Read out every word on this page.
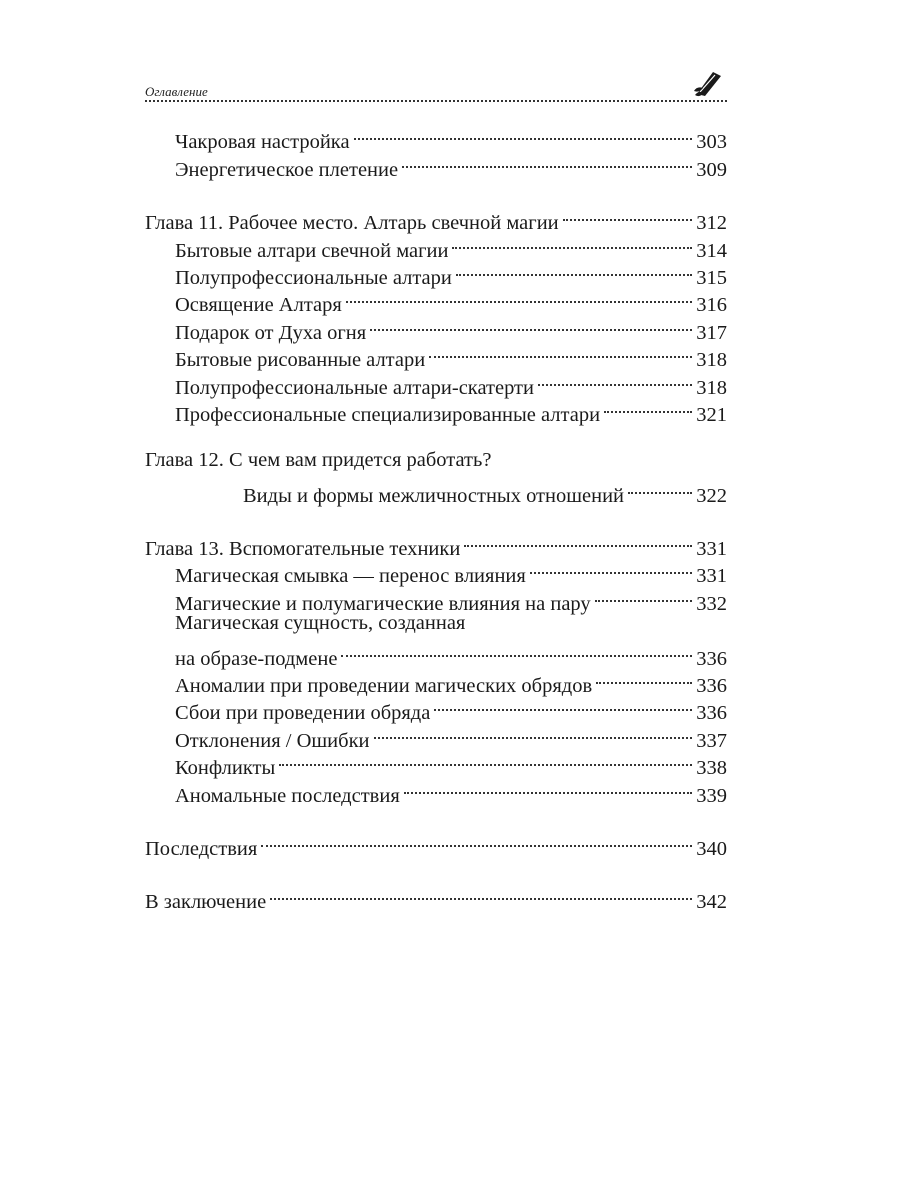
Оглавление
Чакровая настройка	303
Энергетическое плетение	309
Глава 11. Рабочее место. Алтарь свечной магии	312
Бытовые алтари свечной магии	314
Полупрофессиональные алтари	315
Освящение Алтаря	316
Подарок от Духа огня	317
Бытовые рисованные алтари	318
Полупрофессиональные алтари-скатерти	318
Профессиональные специализированные алтари	321
Глава 12. С чем вам придется работать?
Виды и формы межличностных отношений	322
Глава 13. Вспомогательные техники	331
Магическая смывка — перенос влияния	331
Магические и полумагические влияния на пару	332
Магическая сущность, созданная
на образе-подмене	336
Аномалии при проведении магических обрядов	336
Сбои при проведении обряда	336
Отклонения / Ошибки	337
Конфликты	338
Аномальные последствия	339
Последствия	340
В заключение	342
